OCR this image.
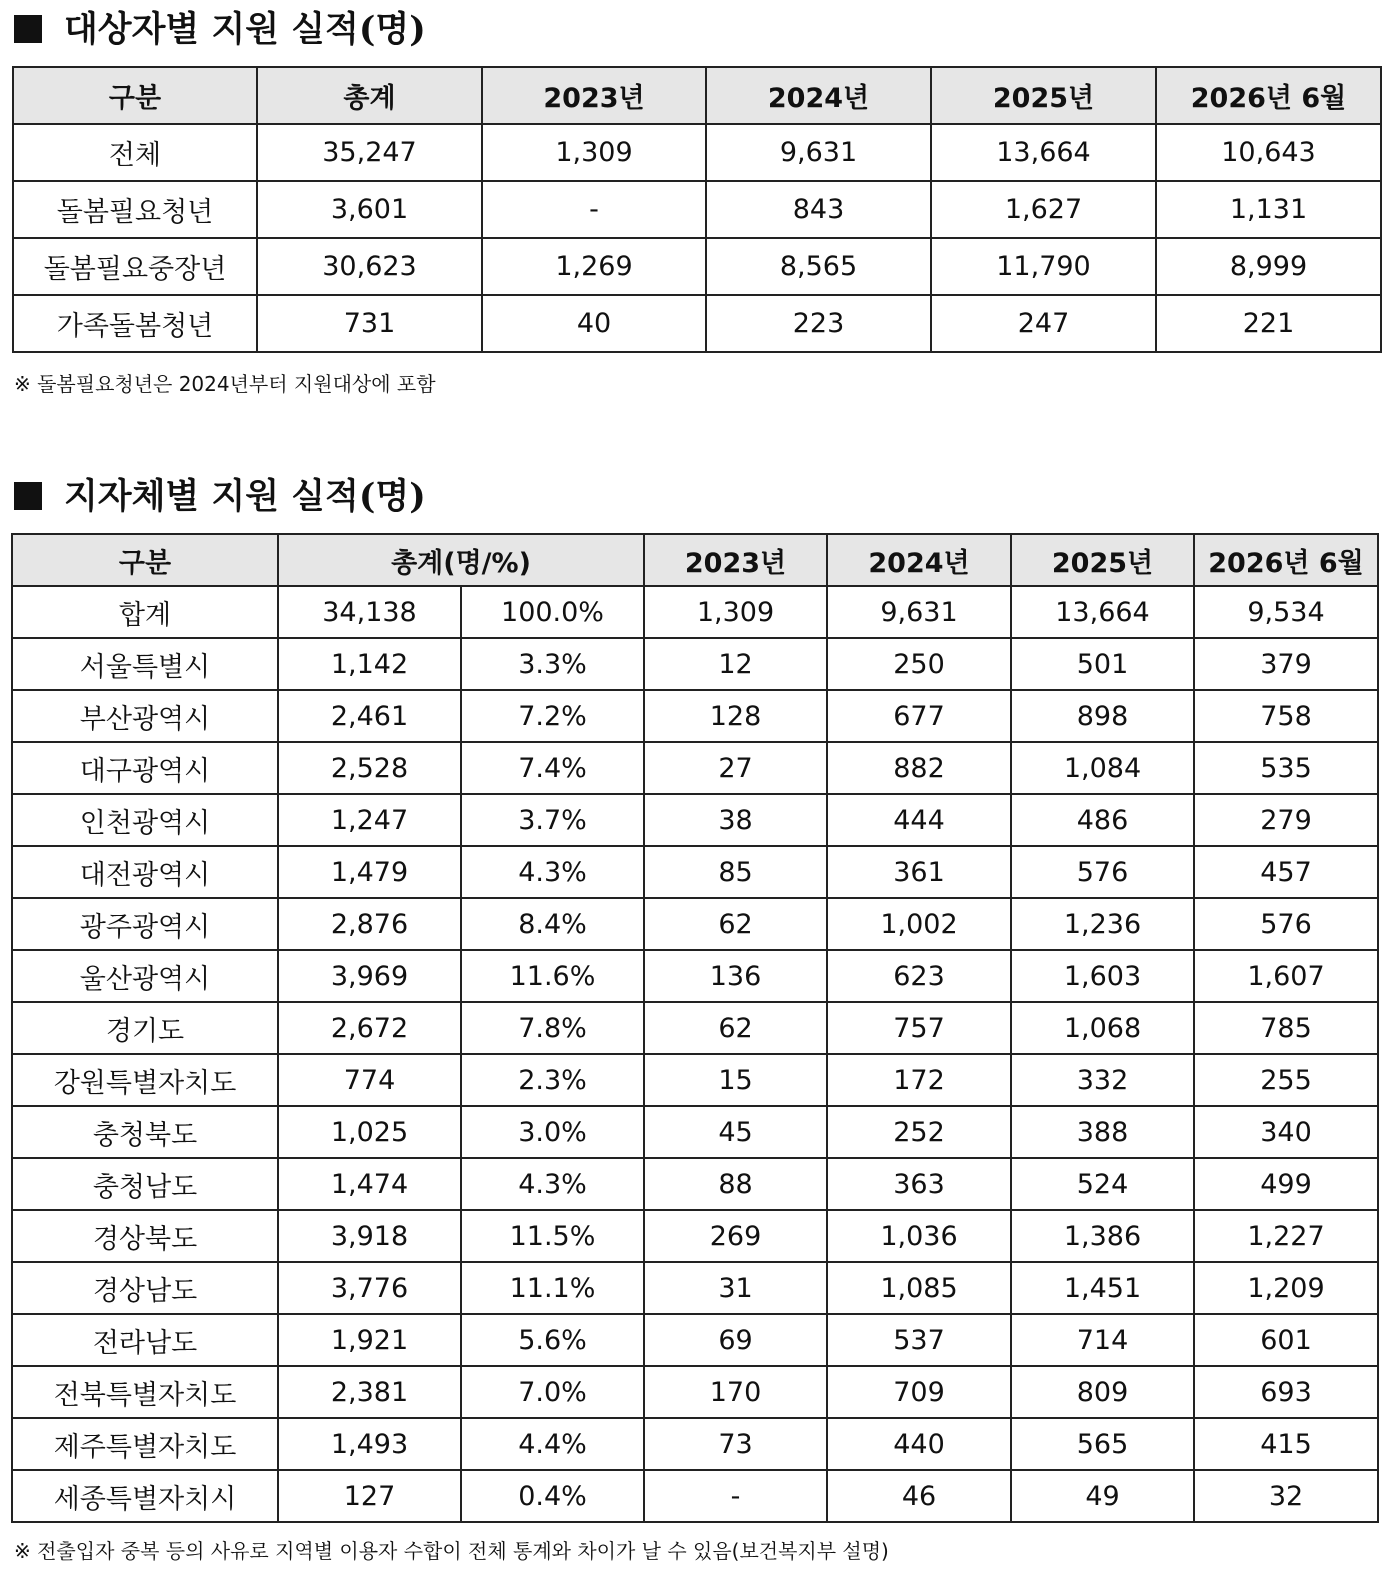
대상자별 지원 실적(명)
구분	총계	2023년	2024년	2025년	2026년 6월
전체	35,247	1,309	9,631	13,664	10,643
돌봄필요청년	3,601	-	843	1,627	1,131
돌봄필요중장년	30,623	1,269	8,565	11,790	8,999
가족돌봄청년	731	40	223	247	221
※ 돌봄필요청년은 2024년부터 지원대상에 포함
지자체별 지원 실적(명)
구분	총계(명/%)		2023년	2024년	2025년	2026년 6월
합계	34,138	100.0%	1,309	9,631	13,664	9,534
서울특별시	1,142	3.3%	12	250	501	379
부산광역시	2,461	7.2%	128	677	898	758
대구광역시	2,528	7.4%	27	882	1,084	535
인천광역시	1,247	3.7%	38	444	486	279
대전광역시	1,479	4.3%	85	361	576	457
광주광역시	2,876	8.4%	62	1,002	1,236	576
울산광역시	3,969	11.6%	136	623	1,603	1,607
경기도	2,672	7.8%	62	757	1,068	785
강원특별자치도	774	2.3%	15	172	332	255
충청북도	1,025	3.0%	45	252	388	340
충청남도	1,474	4.3%	88	363	524	499
경상북도	3,918	11.5%	269	1,036	1,386	1,227
경상남도	3,776	11.1%	31	1,085	1,451	1,209
전라남도	1,921	5.6%	69	537	714	601
전북특별자치도	2,381	7.0%	170	709	809	693
제주특별자치도	1,493	4.4%	73	440	565	415
세종특별자치시	127	0.4%	-	46	49	32
※ 전출입자 중복 등의 사유로 지역별 이용자 수합이 전체 통계와 차이가 날 수 있음(보건복지부 설명)
